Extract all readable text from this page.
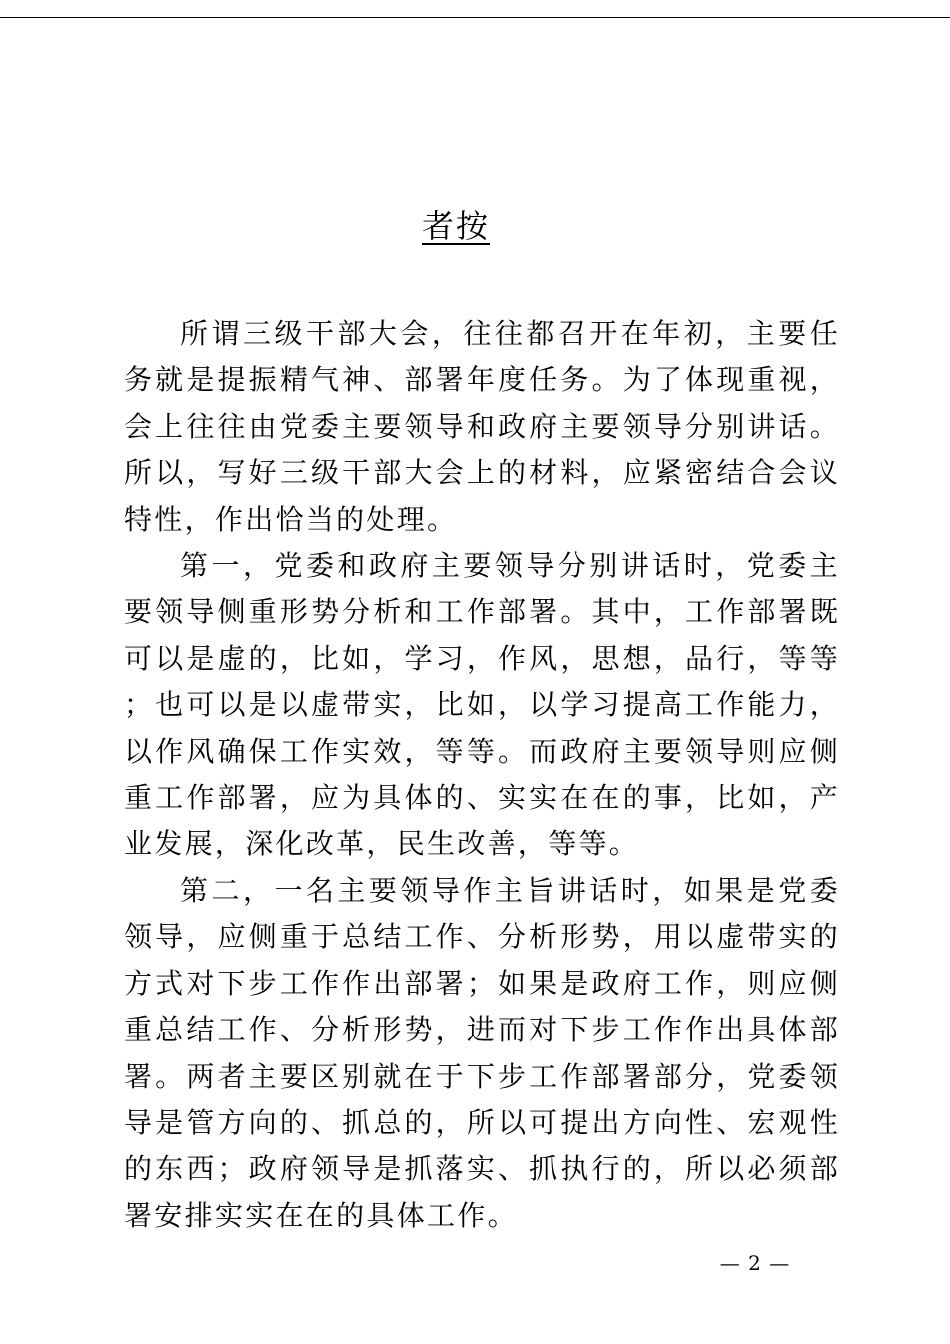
者按

所谓三级干部大会，往往都召开在年初，主要任务就是提振精气神、部署年度任务。为了体现重视，会上往往由党委主要领导和政府主要领导分别讲话。所以，写好三级干部大会上的材料，应紧密结合会议特性，作出恰当的处理。

第一，党委和政府主要领导分别讲话时，党委主要领导侧重形势分析和工作部署。其中，工作部署既可以是虚的，比如，学习，作风，思想，品行，等等；也可以是以虚带实，比如，以学习提高工作能力，以作风确保工作实效，等等。而政府主要领导则应侧重工作部署，应为具体的、实实在在的事，比如，产业发展，深化改革，民生改善，等等。

第二，一名主要领导作主旨讲话时，如果是党委领导，应侧重于总结工作、分析形势，用以虚带实的方式对下步工作作出部署；如果是政府工作，则应侧重总结工作、分析形势，进而对下步工作作出具体部署。两者主要区别就在于下步工作部署部分，党委领导是管方向的、抓总的，所以可提出方向性、宏观性的东西；政府领导是抓落实、抓执行的，所以必须部署安排实实在在的具体工作。

— 2 —
